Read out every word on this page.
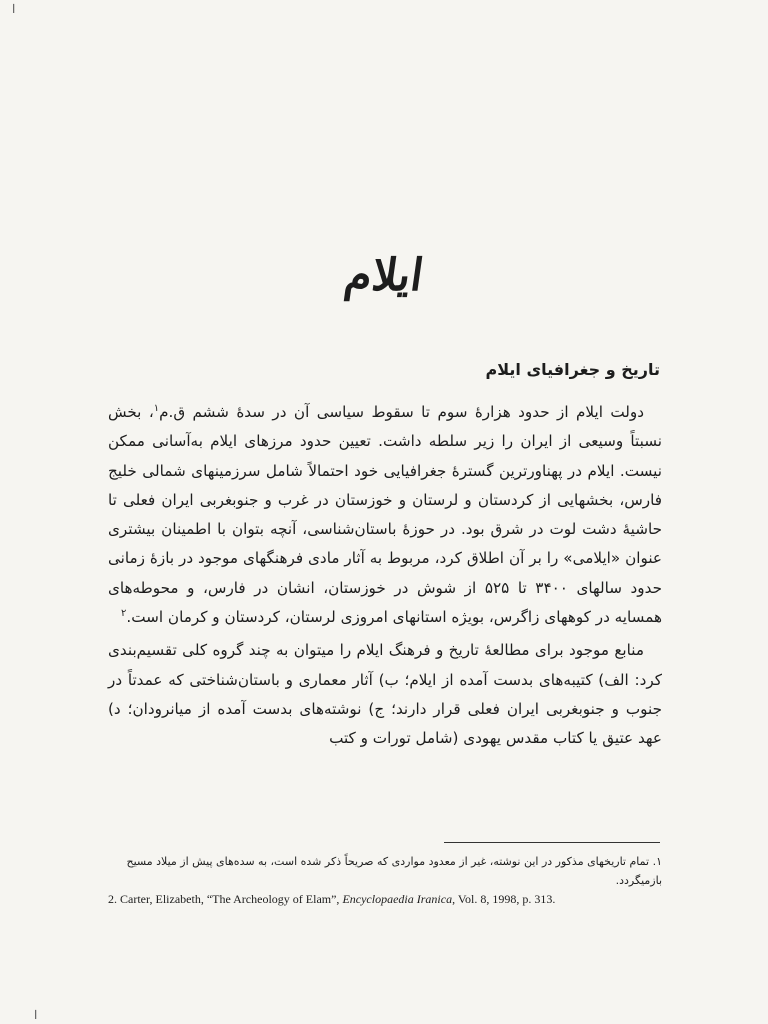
ا
ایلام
تاریخ و جغرافیای ایلام

دولت ایلام از حدود هزارهٔ سوم تا سقوط سیاسی آن در سدهٔ ششم ق.م$^۱$، بخش نسبتاً وسیعی از ایران را زیر سلطه داشت. تعیین حدود مرزهای ایلام به‌آسانی ممکن نیست. ایلام در پهناورترین گسترهٔ جغرافیایی خود احتمالاً شامل سرزمینهای شمالی خلیج فارس، بخشهایی از کردستان و لرستان و خوزستان در غرب و جنوبغربی ایران فعلی تا حاشیهٔ دشت لوت در شرق بود. در حوزهٔ باستان‌شناسی، آنچه بتوان با اطمینان بیشتری عنوان «ایلامی» را بر آن اطلاق کرد، مربوط به آثار مادی فرهنگهای موجود در بازهٔ زمانی حدود سالهای ۳۴۰۰ تا ۵۲۵ از شوش در خوزستان، انشان در فارس، و محوطه‌های همسایه در کوههای زاگرس، بویژه استانهای امروزی لرستان، کردستان و کرمان است.$^۲$

منابع موجود برای مطالعهٔ تاریخ و فرهنگ ایلام را میتوان به چند گروه کلی تقسیم‌بندی کرد: الف) کتیبه‌های بدست آمده از ایلام؛ ب) آثار معماری و باستان‌شناختی که عمدتاً در جنوب و جنوبغربی ایران فعلی قرار دارند؛ ج) نوشته‌های بدست آمده از میانرودان؛ د) عهد عتیق یا کتاب مقدس یهودی (شامل تورات و کتب

۱. تمام تاریخهای مذکور در این نوشته، غیر از معدود مواردی که صریحاً ذکر شده است، به سده‌های پیش از میلاد مسیح بازمیگردد.
2. Carter, Elizabeth, “The Archeology of Elam”, Encyclopaedia Iranica, Vol. 8, 1998, p. 313.
ا
